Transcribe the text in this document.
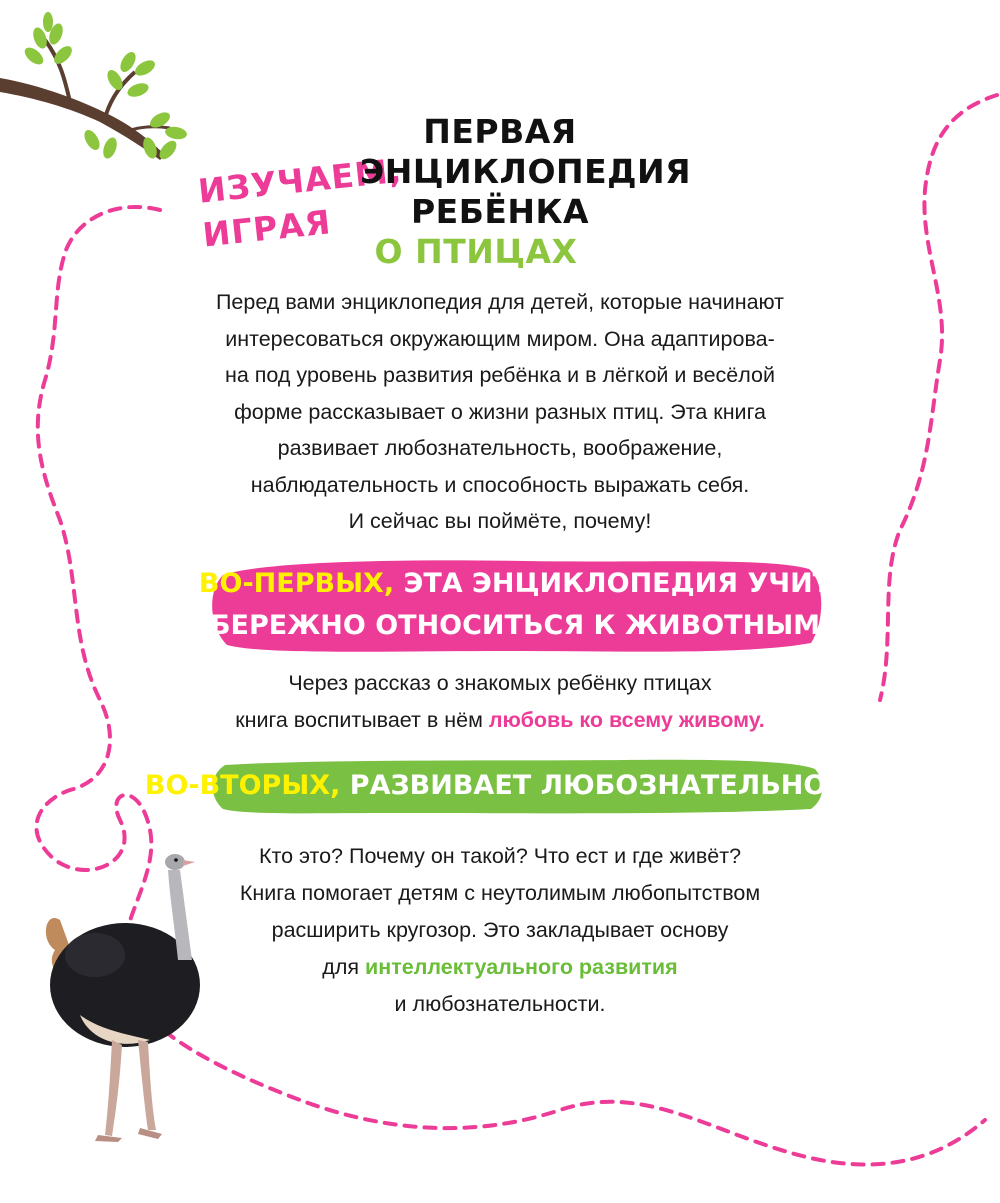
ИЗУЧАЕМ,
ИГРАЯ
ПЕРВАЯ
ЭНЦИКЛОПЕДИЯ
РЕБЁНКА
О ПТИЦАХ
Перед вами энциклопедия для детей, которые начинают
интересоваться окружающим миром. Она адаптирова-
на под уровень развития ребёнка и в лёгкой и весёлой
форме рассказывает о жизни разных птиц. Эта книга
развивает любознательность, воображение,
наблюдательность и способность выражать себя.
И сейчас вы поймёте, почему!
ВО-ПЕРВЫХ, ЭТА ЭНЦИКЛОПЕДИЯ УЧИТ
БЕРЕЖНО ОТНОСИТЬСЯ К ЖИВОТНЫМ
Через рассказ о знакомых ребёнку птицах
книга воспитывает в нём любовь ко всему живому.
ВО-ВТОРЫХ, РАЗВИВАЕТ ЛЮБОЗНАТЕЛЬНОСТЬ
Кто это? Почему он такой? Что ест и где живёт?
Книга помогает детям с неутолимым любопытством
расширить кругозор. Это закладывает основу
для интеллектуального развития
и любознательности.
